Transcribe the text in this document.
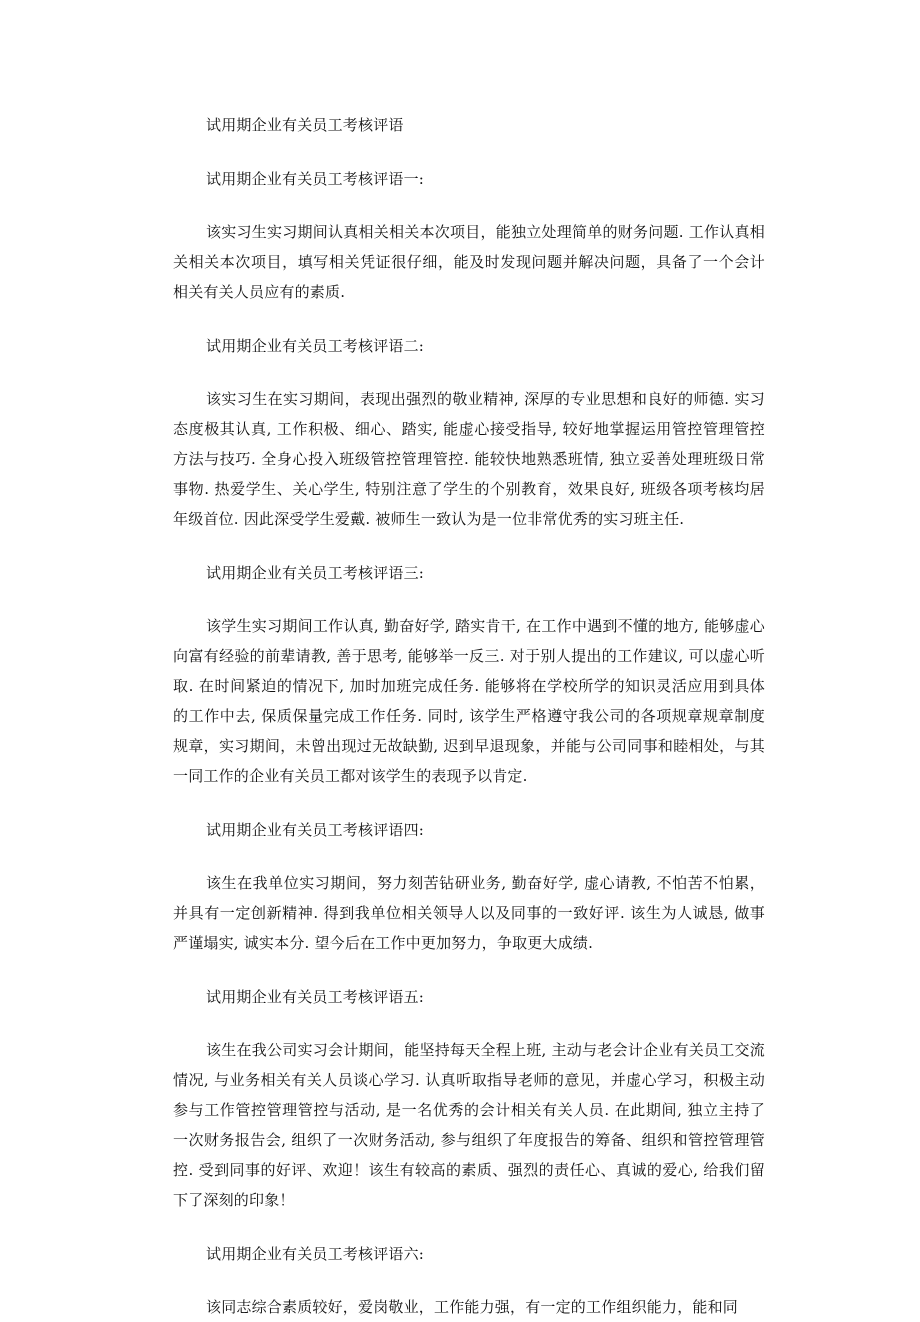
试用期企业有关员工考核评语

试用期企业有关员工考核评语一:

该实习生实习期间认真相关相关本次项目，能独立处理简单的财务问题. 工作认真相关相关本次项目，填写相关凭证很仔细，能及时发现问题并解决问题，具备了一个会计相关有关人员应有的素质.

试用期企业有关员工考核评语二:

该实习生在实习期间，表现出强烈的敬业精神, 深厚的专业思想和良好的师德. 实习态度极其认真, 工作积极、细心、踏实, 能虚心接受指导, 较好地掌握运用管控管理管控方法与技巧. 全身心投入班级管控管理管控. 能较快地熟悉班情, 独立妥善处理班级日常事物. 热爱学生、关心学生, 特别注意了学生的个别教育，效果良好, 班级各项考核均居年级首位. 因此深受学生爱戴. 被师生一致认为是一位非常优秀的实习班主任.

试用期企业有关员工考核评语三:

该学生实习期间工作认真, 勤奋好学, 踏实肯干, 在工作中遇到不懂的地方, 能够虚心向富有经验的前辈请教, 善于思考, 能够举一反三. 对于别人提出的工作建议, 可以虚心听取. 在时间紧迫的情况下, 加时加班完成任务. 能够将在学校所学的知识灵活应用到具体的工作中去, 保质保量完成工作任务. 同时, 该学生严格遵守我公司的各项规章规章制度规章，实习期间，未曾出现过无故缺勤, 迟到早退现象，并能与公司同事和睦相处，与其一同工作的企业有关员工都对该学生的表现予以肯定.

试用期企业有关员工考核评语四:

该生在我单位实习期间，努力刻苦钻研业务, 勤奋好学, 虚心请教, 不怕苦不怕累，并具有一定创新精神. 得到我单位相关领导人以及同事的一致好评. 该生为人诚恳, 做事严谨塌实, 诚实本分. 望今后在工作中更加努力，争取更大成绩.

试用期企业有关员工考核评语五:

该生在我公司实习会计期间，能坚持每天全程上班, 主动与老会计企业有关员工交流情况, 与业务相关有关人员谈心学习. 认真听取指导老师的意见，并虚心学习，积极主动参与工作管控管理管控与活动, 是一名优秀的会计相关有关人员. 在此期间, 独立主持了一次财务报告会, 组织了一次财务活动, 参与组织了年度报告的筹备、组织和管控管理管控. 受到同事的好评、欢迎！该生有较高的素质、强烈的责任心、真诚的爱心, 给我们留下了深刻的印象！

试用期企业有关员工考核评语六:

该同志综合素质较好，爱岗敬业，工作能力强，有一定的工作组织能力，能和同
